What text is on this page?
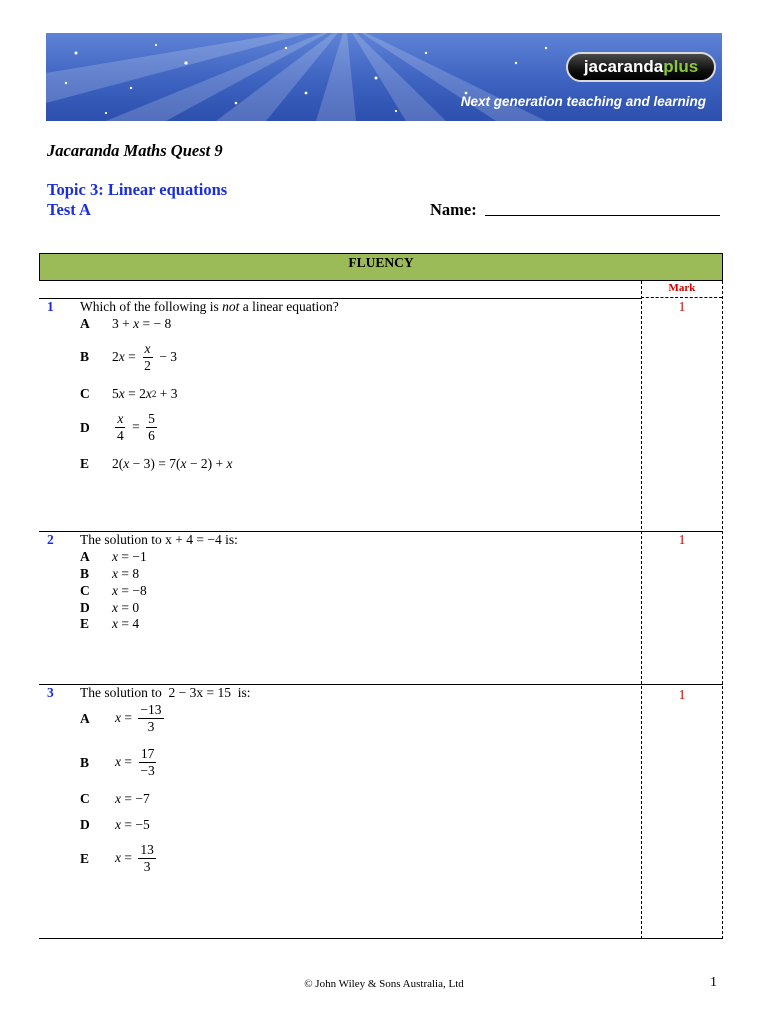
jacaranda plus
Next generation teaching and learning
Jacaranda Maths Quest 9
Topic 3: Linear equations
Test A	Name:
FLUENCY
Mark
1 Which of the following is not a linear equation?	1
A 3 + x = − 8
B 2 $x = \frac{x}{2} - 3$
C 5 x = 2 x 2 + 3
D $\frac{x}{4} = \frac{5}{6}$
E 2( x − 3) = 7( x − 2) + x
2 The solution to x + 4 = −4 is:	1
A x = −1
B x = 8
C x = −8
D x = 0
E x = 4
3 The solution to  2 − 3x = 15  is:	1
A $x = \frac{-13}{3}$
B $x = \frac{17}{-3}$
C x = −7
D x = −5
E $x = \frac{13}{3}$
© John Wiley & Sons Australia, Ltd	1
